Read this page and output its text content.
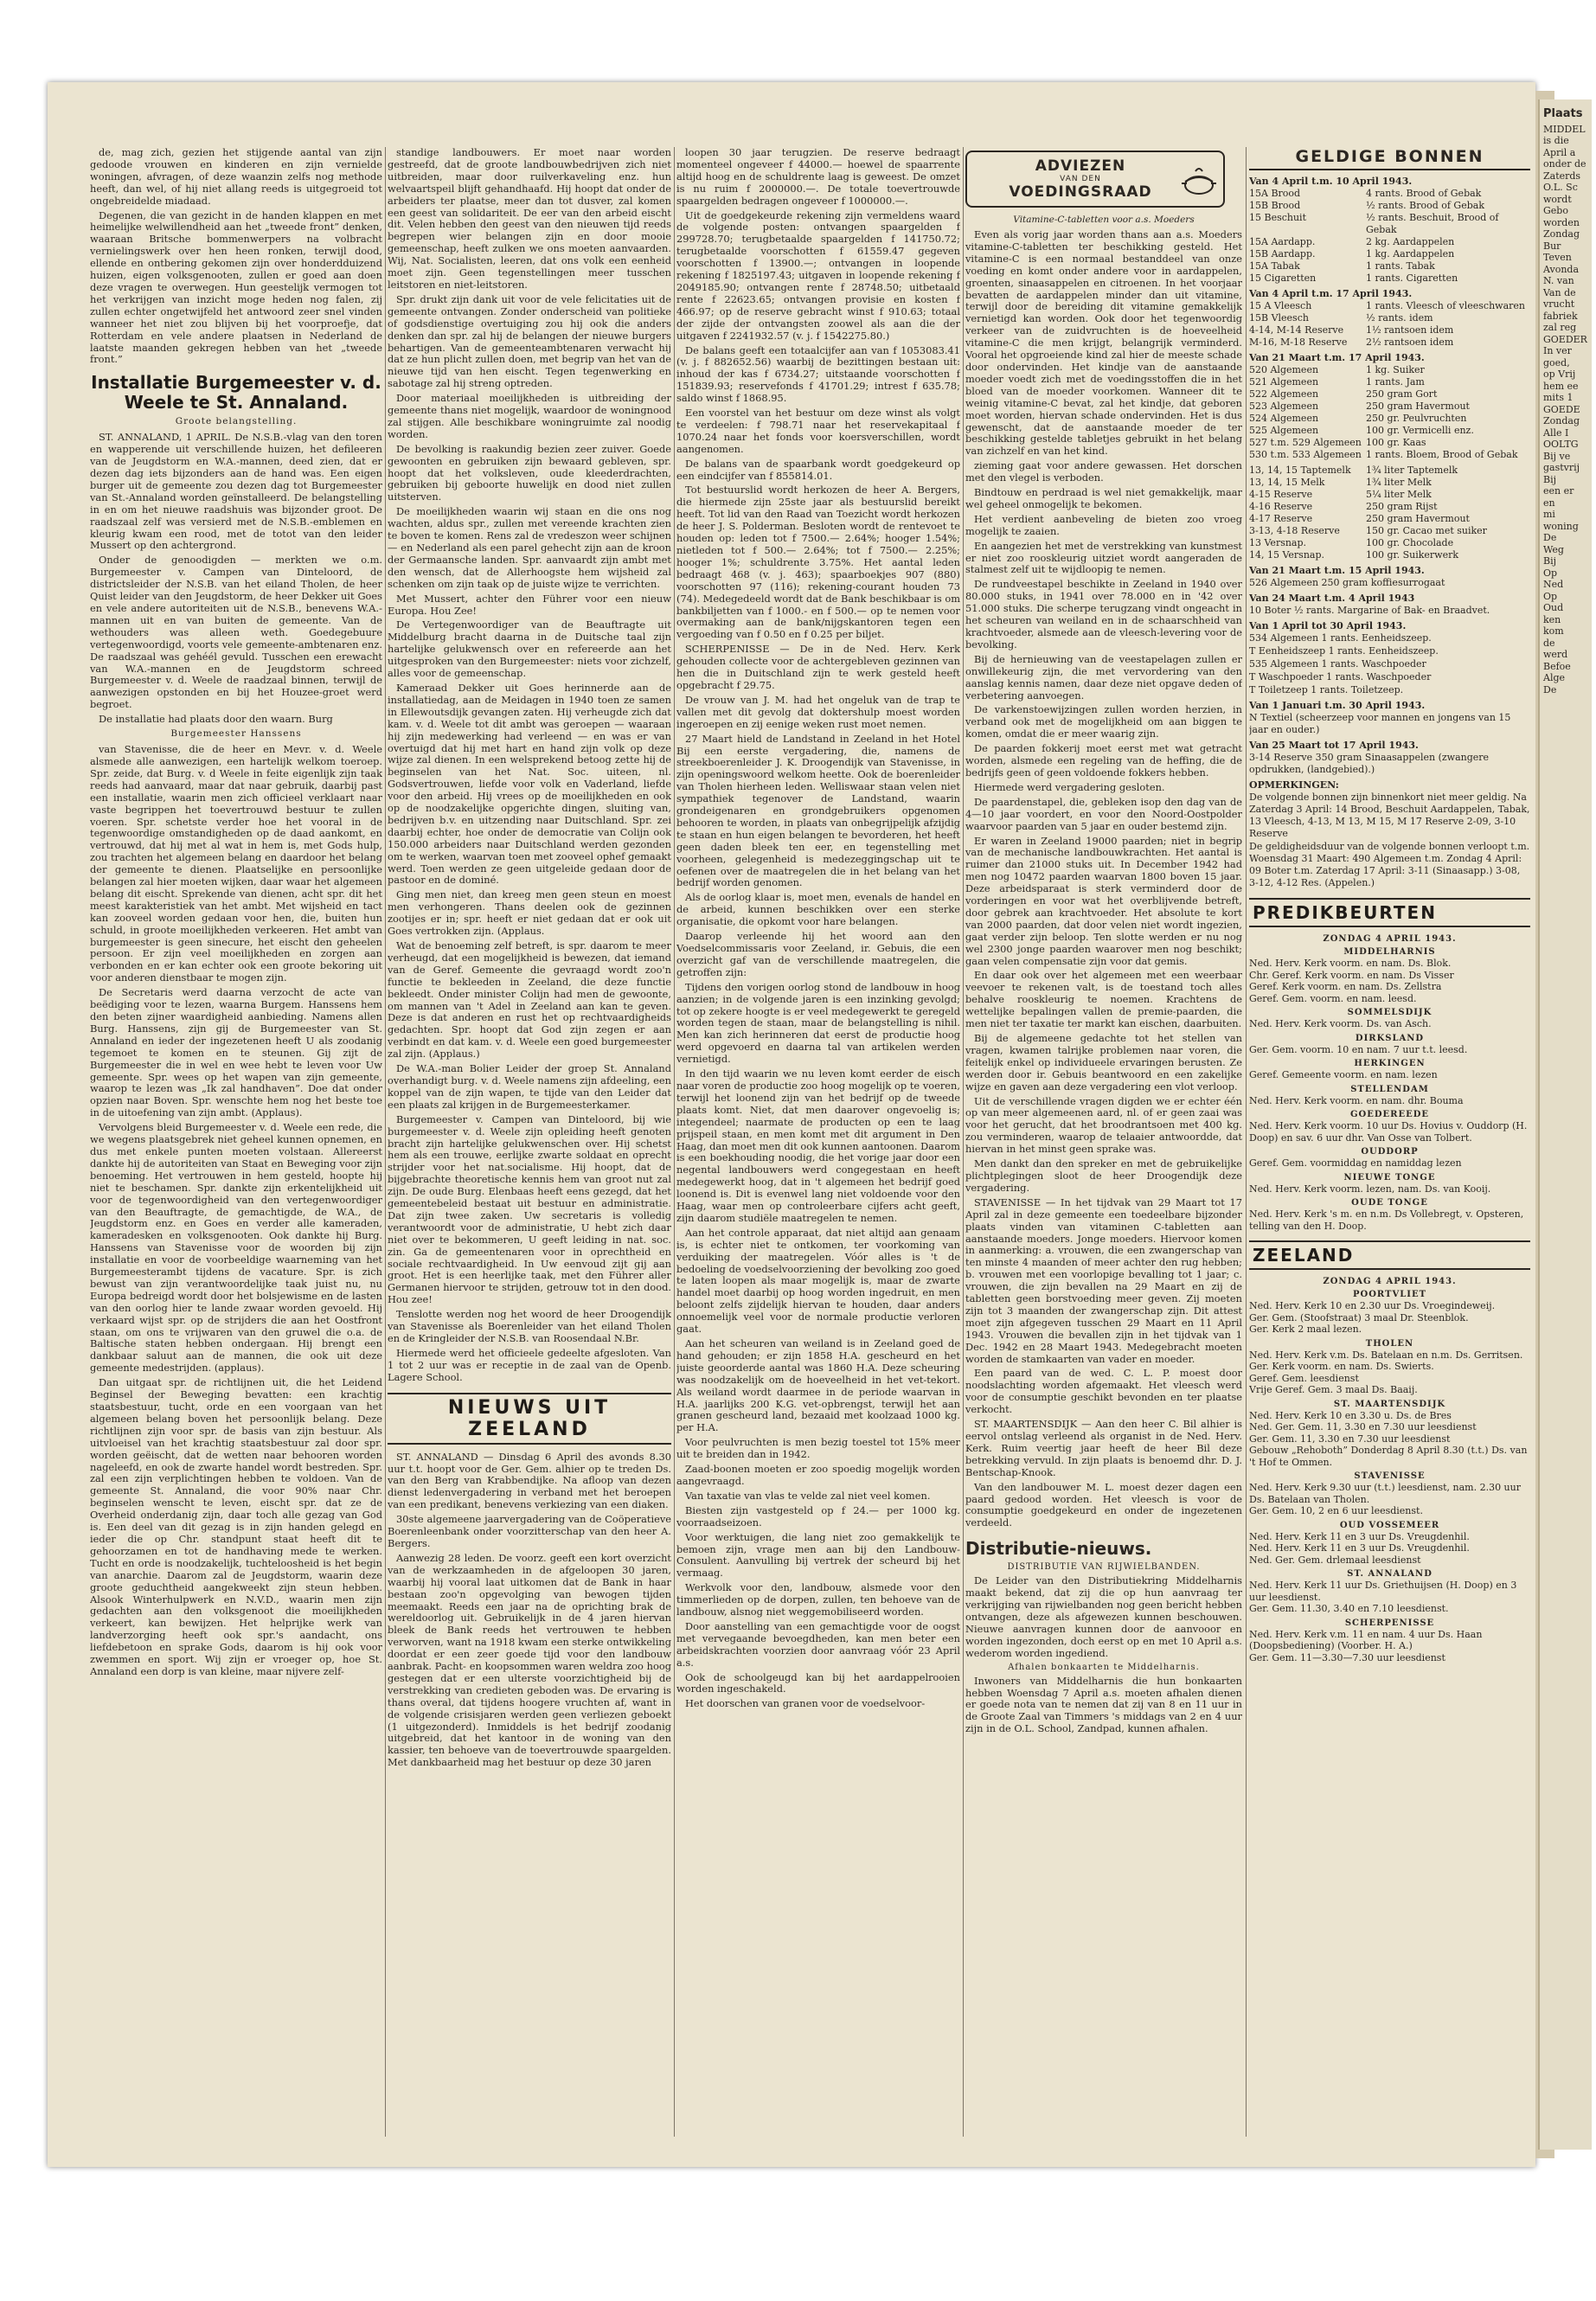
Plaats
MIDDEL
is die
April a
onder de
Zaterds
O.L. Sc
wordt
Gebo
worden
Zondag
Bur
Teven
Avonda
N. van
Van de
vrucht
fabriek
zal reg
GOEDER
In ver
goed,
op Vrij
hem ee
mits 1
GOEDE
Zondag
Alle I
OOLTG
Bij ve
gastvrij
Bij
een er
en
mi
woning
De
Weg
Bij
Op
Ned
Op
Oud
ken
kom
de
werd
Befoe
Alge
De

de, mag zich, gezien het stijgende aantal van zijn gedoode vrouwen en kinderen en zijn vernielde woningen, afvragen, of deze waanzin zelfs nog methode heeft, dan wel, of hij niet allang reeds is uitgegroeid tot ongebreidelde miadaad.

Degenen, die van gezicht in de handen klappen en met heimelijke welwillendheid aan het „tweede front” denken, waaraan Britsche bommenwerpers na volbracht vernielingswerk over hen heen ronken, terwijl dood, ellende en ontbering gekomen zijn over honderdduizend huizen, eigen volksgenooten, zullen er goed aan doen deze vragen te overwegen. Hun geestelijk vermogen tot het verkrijgen van inzicht moge heden nog falen, zij zullen echter ongetwijfeld het antwoord zeer snel vinden wanneer het niet zou blijven bij het voorproefje, dat Rotterdam en vele andere plaatsen in Nederland de laatste maanden gekregen hebben van het „tweede front.”

Installatie Burgemeester v. d. Weele te St. Annaland.
Groote belangstelling.

ST. ANNALAND, 1 APRIL. De N.S.B.-vlag van den toren en wapperende uit verschillende huizen, het defileeren van de Jeugdstorm en W.A.-mannen, deed zien, dat er dezen dag iets bijzonders aan de hand was. Een eigen burger uit de gemeente zou dezen dag tot Burgemeester van St.-Annaland worden geïnstalleerd. De belangstelling in en om het nieuwe raadshuis was bijzonder groot. De raadszaal zelf was versierd met de N.S.B.-emblemen en kleurig kwam een rood, met de totot van den leider Mussert op den achtergrond.

Onder de genoodigden — merkten we o.m. Burgemeester v. Campen van Dinteloord, de districtsleider der N.S.B. van het eiland Tholen, de heer Quist leider van den Jeugdstorm, de heer Dekker uit Goes en vele andere autoriteiten uit de N.S.B., benevens W.A.-mannen uit en van buiten de gemeente. Van de wethouders was alleen weth. Goedegebuure vertegenwoordigd, voorts vele gemeente-ambtenaren enz. De raadszaal was gehéél gevuld. Tusschen een erewacht van W.A.-mannen en de Jeugdstorm schreed Burgemeester v. d. Weele de raadzaal binnen, terwijl de aanwezigen opstonden en bij het Houzee-groet werd begroet.

De installatie had plaats door den waarn. Burg

Burgemeester Hanssens

van Stavenisse, die de heer en Mevr. v. d. Weele alsmede alle aanwezigen, een hartelijk welkom toeroep. Spr. zeide, dat Burg. v. d Weele in feite eigenlijk zijn taak reeds had aanvaard, maar dat naar gebruik, daarbij past een installatie, waarin men zich officieel verklaart naar vaste begrippen het toevertrouwd bestuur te zullen voeren. Spr. schetste verder hoe het vooral in de tegenwoordige omstandigheden op de daad aankomt, en vertrouwd, dat hij met al wat in hem is, met Gods hulp, zou trachten het algemeen belang en daardoor het belang der gemeente te dienen. Plaatselijke en persoonlijke belangen zal hier moeten wijken, daar waar het algemeen belang dit eischt. Sprekende van dienen, acht spr. dit het meest karakteristiek van het ambt. Met wijsheid en tact kan zooveel worden gedaan voor hen, die, buiten hun schuld, in groote moeilijkheden verkeeren. Het ambt van burgemeester is geen sinecure, het eischt den geheelen persoon. Er zijn veel moeilijkheden en zorgen aan verbonden en er kan echter ook een groote bekoring uit voor anderen dienstbaar te mogen zijn.

De Secretaris werd daarna verzocht de acte van beëdiging voor te lezen, waarna Burgem. Hanssens hem den beten zijner waardigheid aanbieding. Namens allen Burg. Hanssens, zijn gij de Burgemeester van St. Annaland en ieder der ingezetenen heeft U als zoodanig tegemoet te komen en te steunen. Gij zijt de Burgemeester die in wel en wee hebt te leven voor Uw gemeente. Spr. wees op het wapen van zijn gemeente, waarop te lezen was „Ik zal handhaven”. Doe dat onder opzien naar Boven. Spr. wenschte hem nog het beste toe in de uitoefening van zijn ambt. (Applaus).

Vervolgens bleid Burgemeester v. d. Weele een rede, die we wegens plaatsgebrek niet geheel kunnen opnemen, en dus met enkele punten moeten volstaan. Allereerst dankte hij de autoriteiten van Staat en Beweging voor zijn benoeming. Het vertrouwen in hem gesteld, hoopte hij niet te beschamen. Spr. dankte zijn erkentelijkheid uit voor de tegenwoordigheid van den vertegenwoordiger van den Beauftragte, de gemachtigde, de W.A., de Jeugdstorm enz. en Goes en verder alle kameraden, kameradesken en volksgenooten. Ook dankte hij Burg. Hanssens van Stavenisse voor de woorden bij zijn installatie en voor de voorbeeldige waarneming van het Burgemeesterambt tijdens de vacature. Spr. is zich bewust van zijn verantwoordelijke taak juist nu, nu Europa bedreigd wordt door het bolsjewisme en de lasten van den oorlog hier te lande zwaar worden gevoeld. Hij verkaard wijst spr. op de strijders die aan het Oostfront staan, om ons te vrijwaren van den gruwel die o.a. de Baltische staten hebben ondergaan. Hij brengt een dankbaar saluut aan de mannen, die ook uit deze gemeente medestrijden. (applaus).

Dan uitgaat spr. de richtlijnen uit, die het Leidend Beginsel der Beweging bevatten: een krachtig staatsbestuur, tucht, orde en een voorgaan van het algemeen belang boven het persoonlijk belang. Deze richtlijnen zijn voor spr. de basis van zijn bestuur. Als uitvloeisel van het krachtig staatsbestuur zal door spr. worden geëischt, dat de wetten naar behooren worden nageleefd, en ook de zwarte handel wordt bestreden. Spr. zal een zijn verplichtingen hebben te voldoen. Van de gemeente St. Annaland, die voor 90% naar Chr. beginselen wenscht te leven, eischt spr. dat ze de Overheid onderdanig zijn, daar toch alle gezag van God is. Een deel van dit gezag is in zijn handen gelegd en ieder die op Chr. standpunt staat heeft dit te gehoorzamen en tot de handhaving mede te werken. Tucht en orde is noodzakelijk, tuchteloosheid is het begin van anarchie. Daarom zal de Jeugdstorm, waarin deze groote geduchtheid aangekweekt zijn steun hebben. Alsook Winterhulpwerk en N.V.D., waarin men zijn gedachten aan den volksgenoot die moeilijkheden verkeert, kan bewijzen. Het helprijke werk van landverzorging heeft ook spr.'s aandacht, ons liefdebetoon en sprake Gods, daarom is hij ook voor zwemmen en sport. Wij zijn er vroeger op, hoe St. Annaland een dorp is van kleine, maar nijvere zelf-

standige landbouwers. Er moet naar worden gestreefd, dat de groote landbouwbedrijven zich niet uitbreiden, maar door ruilverkaveling enz. hun welvaartspeil blijft gehandhaafd. Hij hoopt dat onder de arbeiders ter plaatse, meer dan tot dusver, zal komen een geest van solidariteit. De eer van den arbeid eischt dit. Velen hebben den geest van den nieuwen tijd reeds begrepen wier belangen zijn en door mooie gemeenschap, heeft zulken we ons moeten aanvaarden. Wij, Nat. Socialisten, leeren, dat ons volk een eenheid moet zijn. Geen tegenstellingen meer tusschen leitstoren en niet-leitstoren.

Spr. drukt zijn dank uit voor de vele felicitaties uit de gemeente ontvangen. Zonder onderscheid van politieke of godsdienstige overtuiging zou hij ook die anders denken dan spr. zal hij de belangen der nieuwe burgers behartigen. Van de gemeenteambtenaren verwacht hij dat ze hun plicht zullen doen, met begrip van het van de nieuwe tijd van hen eischt. Tegen tegenwerking en sabotage zal hij streng optreden.

Door materiaal moeilijkheden is uitbreiding der gemeente thans niet mogelijk, waardoor de woningnood zal stijgen. Alle beschikbare woningruimte zal noodig worden.

De bevolking is raakundig bezien zeer zuiver. Goede gewoonten en gebruiken zijn bewaard gebleven, spr. hoopt dat het volksleven, oude kleederdrachten, gebruiken bij geboorte huwelijk en dood niet zullen uitsterven.

De moeilijkheden waarin wij staan en die ons nog wachten, aldus spr., zullen met vereende krachten zien te boven te komen. Rens zal de vredeszon weer schijnen — en Nederland als een parel gehecht zijn aan de kroon der Germaansche landen. Spr. aanvaardt zijn ambt met den wensch, dat de Allerhoogste hem wijsheid zal schenken om zijn taak op de juiste wijze te verrichten.

Met Mussert, achter den Führer voor een nieuw Europa. Hou Zee!

De Vertegenwoordiger van de Beauftragte uit Middelburg bracht daarna in de Duitsche taal zijn hartelijke gelukwensch over en refereerde aan het uitgesproken van den Burgemeester: niets voor zichzelf, alles voor de gemeenschap.

Kameraad Dekker uit Goes herinnerde aan de installatiedag, aan de Meidagen in 1940 toen ze samen in Ellewoutsdijk gevangen zaten. Hij verheugde zich dat kam. v. d. Weele tot dit ambt was geroepen — waaraan hij zijn medewerking had verleend — en was er van overtuigd dat hij met hart en hand zijn volk op deze wijze zal dienen. In een welsprekend betoog zette hij de beginselen van het Nat. Soc. uiteen, nl. Godsvertrouwen, liefde voor volk en Vaderland, liefde voor den arbeid. Hij vrees op de moeilijkheden en ook op de noodzakelijke opgerichte dingen, sluiting van, bedrijven b.v. en uitzending naar Duitschland. Spr. zei daarbij echter, hoe onder de democratie van Colijn ook 150.000 arbeiders naar Duitschland werden gezonden om te werken, waarvan toen met zooveel ophef gemaakt werd. Toen werden ze geen uitgeleide gedaan door de pastoor en de dominé.

Ging men niet, dan kreeg men geen steun en moest men verhongeren. Thans deelen ook de gezinnen zootijes er in; spr. heeft er niet gedaan dat er ook uit Goes vertrokken zijn. (Applaus.

Wat de benoeming zelf betreft, is spr. daarom te meer verheugd, dat een mogelijkheid is bewezen, dat iemand van de Geref. Gemeente die gevraagd wordt zoo'n functie te bekleeden in Zeeland, die deze functie bekleedt. Onder minister Colijn had men de gewoonte, om mannen van 't Adel in Zeeland aan kan te geven. Deze is dat anderen en rust het op rechtvaardigheids gedachten. Spr. hoopt dat God zijn zegen er aan verbindt en dat kam. v. d. Weele een goed burgemeester zal zijn. (Applaus.)

De W.A.-man Bolier Leider der groep St. Annaland overhandigt burg. v. d. Weele namens zijn afdeeling, een koppel van de zijn wapen, te tijde van den Leider dat een plaats zal krijgen in de Burgemeesterkamer.

Burgemeester v. Campen van Dinteloord, bij wie burgemeester v. d. Weele zijn opleiding heeft genoten bracht zijn hartelijke gelukwenschen over. Hij schetst hem als een trouwe, eerlijke zwarte soldaat en oprecht strijder voor het nat.socialisme. Hij hoopt, dat de bijgebrachte theoretische kennis hem van groot nut zal zijn. De oude Burg. Elenbaas heeft eens gezegd, dat het gemeentebeleid bestaat uit bestuur en administratie. Dat zijn twee zaken. Uw secretaris is volledig verantwoordt voor de administratie, U hebt zich daar niet over te bekommeren, U geeft leiding in nat. soc. zin. Ga de gemeentenaren voor in oprechtheid en sociale rechtvaardigheid. In Uw eenvoud zijt gij aan groot. Het is een heerlijke taak, met den Führer aller Germanen hiervoor te strijden, getrouw tot in den dood. Hou zee!

Tenslotte werden nog het woord de heer Droogendijk van Stavenisse als Boerenleider van het eiland Tholen en de Kringleider der N.S.B. van Roosendaal N.Br.

Hiermede werd het officieele gedeelte afgesloten. Van 1 tot 2 uur was er receptie in de zaal van de Openb. Lagere School.

NIEUWS UIT ZEELAND

ST. ANNALAND — Dinsdag 6 April des avonds 8.30 uur t.t. hoopt voor de Ger. Gem. alhier op te treden Ds. van den Berg van Krabbendijke. Na afloop van dezen dienst ledenvergadering in verband met het beroepen van een predikant, benevens verkiezing van een diaken.

30ste algemeene jaarvergadering van de Coöperatieve Boerenleenbank onder voorzitterschap van den heer A. Bergers.

Aanwezig 28 leden. De voorz. geeft een kort overzicht van de werkzaamheden in de afgeloopen 30 jaren, waarbij hij vooral laat uitkomen dat de Bank in haar bestaan zoo'n opgevolging van bewogen tijden meemaakt. Reeds een jaar na de oprichting brak de wereldoorlog uit. Gebruikelijk in de 4 jaren hiervan bleek de Bank reeds het vertrouwen te hebben verworven, want na 1918 kwam een sterke ontwikkeling doordat er een zeer goede tijd voor den landbouw aanbrak. Pacht- en koopsommen waren weldra zoo hoog gestegen dat er een ulterste voorzichtigheid bij de verstrekking van credieten geboden was. De ervaring is thans overal, dat tijdens hoogere vruchten af, want in de volgende crisisjaren werden geen verliezen geboekt (1 uitgezonderd). Inmiddels is het bedrijf zoodanig uitgebreid, dat het kantoor in de woning van den kassier, ten behoeve van de toevertrouwde spaargelden. Met dankbaarheid mag het bestuur op deze 30 jaren

loopen 30 jaar terugzien. De reserve bedraagt momenteel ongeveer f 44000.— hoewel de spaarrente altijd hoog en de schuldrente laag is geweest. De omzet is nu ruim f 2000000.—. De totale toevertrouwde spaargelden bedragen ongeveer f 1000000.—.

Uit de goedgekeurde rekening zijn vermeldens waard de volgende posten: ontvangen spaargelden f 299728.70; terugbetaalde spaargelden f 141750.72; terugbetaalde voorschotten f 61559.47 gegeven voorschotten f 13900.—; ontvangen in loopende rekening f 1825197.43; uitgaven in loopende rekening f 2049185.90; ontvangen rente f 28748.50; uitbetaald rente f 22623.65; ontvangen provisie en kosten f 466.97; op de reserve gebracht winst f 910.63; totaal der zijde der ontvangsten zoowel als aan die der uitgaven f 2241932.57 (v. j. f 1542275.80.)

De balans geeft een totaalcijfer aan van f 1053083.41 (v. j. f 882652.56) waarbij de bezittingen bestaan uit: inhoud der kas f 6734.27; uitstaande voorschotten f 151839.93; reservefonds f 41701.29; intrest f 635.78; saldo winst f 1868.95.

Een voorstel van het bestuur om deze winst als volgt te verdeelen: f 798.71 naar het reservekapitaal f 1070.24 naar het fonds voor koersverschillen, wordt aangenomen.

De balans van de spaarbank wordt goedgekeurd op een eindcijfer van f 855814.01.

Tot bestuurslid wordt herkozen de heer A. Bergers, die hiermede zijn 25ste jaar als bestuurslid bereikt heeft. Tot lid van den Raad van Toezicht wordt herkozen de heer J. S. Polderman. Besloten wordt de rentevoet te houden op: leden tot f 7500.— 2.64%; hooger 1.54%; nietleden tot f 500.— 2.64%; tot f 7500.— 2.25%; hooger 1%; schuldrente 3.75%. Het aantal leden bedraagt 468 (v. j. 463); spaarboekjes 907 (880) voorschotten 97 (116); rekening-courant houden 73 (74). Medegedeeld wordt dat de Bank beschikbaar is om bankbiljetten van f 1000.- en f 500.— op te nemen voor overmaking aan de bank/nijgskantoren tegen een vergoeding van f 0.50 en f 0.25 per biljet.

SCHERPENISSE — De in de Ned. Herv. Kerk gehouden collecte voor de achtergebleven gezinnen van hen die in Duitschland zijn te werk gesteld heeft opgebracht f 29.75.

De vrouw van J. M. had het ongeluk van de trap te vallen met dit gevolg dat doktershulp moest worden ingeroepen en zij eenige weken rust moet nemen.

27 Maart hield de Landstand in Zeeland in het Hotel Bij een eerste vergadering, die, namens de streekboerenleider J. K. Droogendijk van Stavenisse, in zijn openingswoord welkom heette. Ook de boerenleider van Tholen hierheen leden. Welliswaar staan velen niet sympathiek tegenover de Landstand, waarin grondeigenaren en grondgebruikers opgenomen behooren te worden, in plaats van onbegrijpelijk afzijdig te staan en hun eigen belangen te bevorderen, het heeft geen daden bleek ten eer, en tegenstelling met voorheen, gelegenheid is medezeggingschap uit te oefenen over de maatregelen die in het belang van het bedrijf worden genomen.

Als de oorlog klaar is, moet men, evenals de handel en de arbeid, kunnen beschikken over een sterke organisatie, die opkomt voor hare belangen.

Daarop verleende hij het woord aan den Voedselcommissaris voor Zeeland, ir. Gebuis, die een overzicht gaf van de verschillende maatregelen, die getroffen zijn:

Tijdens den vorigen oorlog stond de landbouw in hoog aanzien; in de volgende jaren is een inzinking gevolgd; tot op zekere hoogte is er veel medegewerkt te geregeld worden tegen de staan, maar de belangstelling is nihil. Men kan zich herinneren dat eerst de productie hoog werd opgevoerd en daarna tal van artikelen werden vernietigd.

In den tijd waarin we nu leven komt eerder de eisch naar voren de productie zoo hoog mogelijk op te voeren, terwijl het loonend zijn van het bedrijf op de tweede plaats komt. Niet, dat men daarover ongevoelig is; integendeel; naarmate de producten op een te laag prijspeil staan, en men komt met dit argument in Den Haag, dan moet men dit ook kunnen aantoonen. Daarom is een boekhouding noodig, die het vorige jaar door een negental landbouwers werd congegestaan en heeft medegewerkt hoog, dat in 't algemeen het bedrijf goed loonend is. Dit is evenwel lang niet voldoende voor den Haag, waar men op controleerbare cijfers acht geeft, zijn daarom studiële maatregelen te nemen.

Aan het controle apparaat, dat niet altijd aan genaam is, is echter niet te ontkomen, ter voorkoming van verduiking der maatregelen. Vóór alles is 't de bedoeling de voedselvoorziening der bevolking zoo goed te laten loopen als maar mogelijk is, maar de zwarte handel moet daarbij op hoog worden ingedruit, en men beloont zelfs zijdelijk hiervan te houden, daar anders onnoemelijk veel voor de normale productie verloren gaat.

Aan het scheuren van weiland is in Zeeland goed de hand gehouden; er zijn 1858 H.A. gescheurd en het juiste geoorderde aantal was 1860 H.A. Deze scheuring was noodzakelijk om de hoeveelheid in het vet-tekort. Als weiland wordt daarmee in de periode waarvan in H.A. jaarlijks 200 K.G. vet-opbrengst, terwijl het aan granen gescheurd land, bezaaid met koolzaad 1000 kg. per H.A.

Voor peulvruchten is men bezig toestel tot 15% meer uit te breiden dan in 1942.

Zaad-boonen moeten er zoo spoedig mogelijk worden aangevraagd.

Van taxatie van vlas te velde zal niet veel komen.

Biesten zijn vastgesteld op f 24.— per 1000 kg. voorraadseizoen.

Voor werktuigen, die lang niet zoo gemakkelijk te bemoen zijn, vrage men aan bij den Landbouw-Consulent. Aanvulling bij vertrek der scheurd bij het vermaag.

Werkvolk voor den, landbouw, alsmede voor den timmerlieden op de dorpen, zullen, ten behoeve van de landbouw, alsnog niet weggemobiliseerd worden.

Door aanstelling van een gemachtigde voor de oogst met vervegaande bevoegdheden, kan men beter een arbeidskrachten voorzien door aanvraag vóór 23 April a.s.

Ook de schoolgeugd kan bij het aardappelrooien worden ingeschakeld.

Het doorschen van granen voor de voedselvoor-

ADVIEZEN
VAN DEN
VOEDINGSRAAD
Vitamine-C-tabletten voor a.s. Moeders

Even als vorig jaar worden thans aan a.s. Moeders vitamine-C-tabletten ter beschikking gesteld. Het vitamine-C is een normaal bestanddeel van onze voeding en komt onder andere voor in aardappelen, groenten, sinaasappelen en citroenen. In het voorjaar bevatten de aardappelen minder dan uit vitamine, terwijl door de bereiding dit vitamine gemakkelijk vernietigd kan worden. Ook door het tegenwoordig verkeer van de zuidvruchten is de hoeveelheid vitamine-C die men krijgt, belangrijk verminderd. Vooral het opgroeiende kind zal hier de meeste schade door ondervinden. Het kindje van de aanstaande moeder voedt zich met de voedingsstoffen die in het bloed van de moeder voorkomen. Wanneer dit te weinig vitamine-C bevat, zal het kindje, dat geboren moet worden, hiervan schade ondervinden. Het is dus gewenscht, dat de aanstaande moeder de ter beschikking gestelde tabletjes gebruikt in het belang van zichzelf en van het kind.

zieming gaat voor andere gewassen. Het dorschen met den vlegel is verboden.

Bindtouw en perdraad is wel niet gemakkelijk, maar wel geheel onmogelijk te bekomen.

Het verdient aanbeveling de bieten zoo vroeg mogelijk te zaaien.

En aangezien het met de verstrekking van kunstmest er niet zoo rooskleurig uitziet wordt aangeraden de stalmest zelf uit te wijdloopig te nemen.

De rundveestapel beschikte in Zeeland in 1940 over 80.000 stuks, in 1941 over 78.000 en in '42 over 51.000 stuks. Die scherpe terugzang vindt ongeacht in het scheuren van weiland en in de schaarschheid van krachtvoeder, alsmede aan de vleesch-levering voor de bevolking.

Bij de hernieuwing van de veestapelagen zullen er onwillekeurig zijn, die met vervordering van den aanslag kennis namen, daar deze niet opgave deden of verbetering aanvoegen.

De varkenstoewijzingen zullen worden herzien, in verband ook met de mogelijkheid om aan biggen te komen, omdat die er meer waarig zijn.

De paarden fokkerij moet eerst met wat getracht worden, alsmede een regeling van de heffing, die de bedrijfs geen of geen voldoende fokkers hebben.

Hiermede werd vergadering gesloten.

De paardenstapel, die, gebleken isop den dag van de 4—10 jaar voordert, en voor den Noord-Oostpolder waarvoor paarden van 5 jaar en ouder bestemd zijn.

Er waren in Zeeland 19000 paarden; niet in begrip van de mechanische landbouwkrachten. Het aantal is ruimer dan 21000 stuks uit. In December 1942 had men nog 10472 paarden waarvan 1800 boven 15 jaar. Deze arbeidsparaat is sterk verminderd door de vorderingen en voor wat het overblijvende betreft, door gebrek aan krachtvoeder. Het absolute te kort van 2000 paarden, dat door velen niet wordt ingezien, gaat verder zijn beloop. Ten slotte werden er nu nog wel 2300 jonge paarden waarover men nog beschikt; gaan velen compensatie zijn voor dat gemis.

En daar ook over het algemeen met een weerbaar veevoer te rekenen valt, is de toestand toch alles behalve rooskleurig te noemen. Krachtens de wettelijke bepalingen vallen de premie-paarden, die men niet ter taxatie ter markt kan eischen, daarbuiten.

Bij de algemeene gedachte tot het stellen van vragen, kwamen talrijke problemen naar voren, die feitelijk enkel op individueele ervaringen berusten. Ze werden door ir. Gebuis beantwoord en een zakelijke wijze en gaven aan deze vergadering een vlot verloop.

Uit de verschillende vragen digden we er echter één op van meer algemeenen aard, nl. of er geen zaai was voor het gerucht, dat het broodrantsoen met 400 kg. zou verminderen, waarop de telaaier antwoordde, dat hiervan in het minst geen sprake was.

Men dankt dan den spreker en met de gebruikelijke plichtplegingen sloot de heer Droogendijk deze vergadering.

STAVENISSE — In het tijdvak van 29 Maart tot 17 April zal in deze gemeente een toedeelbare bijzonder plaats vinden van vitaminen C-tabletten aan aanstaande moeders. Jonge moeders. Hiervoor komen in aanmerking: a. vrouwen, die een zwangerschap van ten minste 4 maanden of meer achter den rug hebben; b. vrouwen met een voorlopige bevalling tot 1 jaar; c. vrouwen, die zijn bevallen na 29 Maart en zij de tabletten geen borstvoeding meer geven. Zij moeten zijn tot 3 maanden der zwangerschap zijn. Dit attest moet zijn afgegeven tusschen 29 Maart en 11 April 1943. Vrouwen die bevallen zijn in het tijdvak van 1 Dec. 1942 en 28 Maart 1943. Medegebracht moeten worden de stamkaarten van vader en moeder.

Een paard van de wed. C. L. P. moest door noodslachting worden afgemaakt. Het vleesch werd voor de consumptie geschikt bevonden en ter plaatse verkocht.

ST. MAARTENSDIJK — Aan den heer C. Bil alhier is eervol ontslag verleend als organist in de Ned. Herv. Kerk. Ruim veertig jaar heeft de heer Bil deze betrekking vervuld. In zijn plaats is benoemd dhr. D. J. Bentschap-Knook.

Van den landbouwer M. L. moest dezer dagen een paard gedood worden. Het vleesch is voor de consumptie goedgekeurd en onder de ingezetenen verdeeld.

Distributie-nieuws.
DISTRIBUTIE VAN RIJWIELBANDEN.

De Leider van den Distributiekring Middelharnis maakt bekend, dat zij die op hun aanvraag ter verkrijging van rijwielbanden nog geen bericht hebben ontvangen, deze als afgewezen kunnen beschouwen. Nieuwe aanvragen kunnen door de aanvooor en worden ingezonden, doch eerst op en met 10 April a.s. wederom worden ingediend.

Afhalen bonkaarten te Middelharnis.

Inwoners van Middelharnis die hun bonkaarten hebben Woensdag 7 April a.s. moeten afhalen dienen er goede nota van te nemen dat zij van 8 en 11 uur in de Groote Zaal van Timmers 's middags van 2 en 4 uur zijn in de O.L. School, Zandpad, kunnen afhalen.

GELDIGE BONNEN
Van 4 April t.m. 10 April 1943.
15A Brood	4 rants. Brood of Gebak
15B Brood	½ rants. Brood of Gebak
15 Beschuit	½ rants. Beschuit, Brood of Gebak
15A Aardapp.	2 kg. Aardappelen
15B Aardapp.	1 kg. Aardappelen
15A Tabak	1 rants. Tabak
15 Cigaretten	1 rants. Cigaretten
Van 4 April t.m. 17 April 1943.
15 A Vleesch	1 rants. Vleesch of vleeschwaren
15B Vleesch	½ rants. idem
4-14, M-14 Reserve	1½ rantsoen idem
M-16, M-18 Reserve	2½ rantsoen idem
Van 21 Maart t.m. 17 April 1943.
520 Algemeen	1 kg. Suiker
521 Algemeen	1 rants. Jam
522 Algemeen	250 gram Gort
523 Algemeen	250 gram Havermout
524 Algemeen	250 gr. Peulvruchten
525 Algemeen	100 gr. Vermicelli enz.
527 t.m. 529 Algemeen 100 gr. Kaas
530 t.m. 533 Algemeen 1 rants. Bloem, Brood of Gebak
13, 14, 15 Taptemelk	1¾ liter Taptemelk
13, 14, 15 Melk	1¾ liter Melk
4-15 Reserve	5¼ liter Melk
4-16 Reserve	250 gram Rijst
4-17 Reserve	250 gram Havermout
3-13, 4-18 Reserve	150 gr. Cacao met suiker
13 Versnap.	100 gr. Chocolade
14, 15 Versnap.	100 gr. Suikerwerk
Van 21 Maart t.m. 15 April 1943.
526 Algemeen 250 gram koffiesurrogaat
Van 24 Maart t.m. 4 April 1943
10 Boter ½ rants. Margarine of Bak- en Braadvet.
Van 1 April tot 30 April 1943.
534 Algemeen 1 rants. Eenheidszeep.
T Eenheidszeep 1 rants. Eenheidszeep.
535 Algemeen 1 rants. Waschpoeder
T Waschpoeder 1 rants. Waschpoeder
T Toiletzeep 1 rants. Toiletzeep.
Van 1 Januari t.m. 30 April 1943.
N Textiel (scheerzeep voor mannen en jongens van 15 jaar en ouder.)
Van 25 Maart tot 17 April 1943.
3-14 Reserve 350 gram Sinaasappelen (zwangere opdrukken, (landgebied).)
OPMERKINGEN:
De volgende bonnen zijn binnenkort niet meer geldig. Na Zaterdag 3 April: 14 Brood, Beschuit Aardappelen, Tabak, 13 Vleesch, 4-13, M 13, M 15, M 17 Reserve 2-09, 3-10 Reserve
De geldigheidsduur van de volgende bonnen verloopt t.m. Woensdag 31 Maart: 490 Algemeen t.m. Zondag 4 April: 09 Boter t.m. Zaterdag 17 April: 3-11 (Sinaasapp.) 3-08, 3-12, 4-12 Res. (Appelen.)
PREDIKBEURTEN
ZONDAG 4 APRIL 1943.
MIDDELHARNIS
Ned. Herv. Kerk voorm. en nam. Ds. Blok.
Chr. Geref. Kerk voorm. en nam. Ds Visser
Geref. Kerk voorm. en nam. Ds. Zellstra
Geref. Gem. voorm. en nam. leesd.
SOMMELSDIJK
Ned. Herv. Kerk voorm. Ds. van Asch.
DIRKSLAND
Ger. Gem. voorm. 10 en nam. 7 uur t.t. leesd.
HERKINGEN
Geref. Gemeente voorm. en nam. lezen
STELLENDAM
Ned. Herv. Kerk voorm. en nam. dhr. Bouma
GOEDEREEDE
Ned. Herv. Kerk voorm. 10 uur Ds. Hovius v. Ouddorp (H. Doop) en sav. 6 uur dhr. Van Osse van Tolbert.
OUDDORP
Geref. Gem. voormiddag en namiddag lezen
NIEUWE TONGE
Ned. Herv. Kerk voorm. lezen, nam. Ds. van Kooij.
OUDE TONGE
Ned. Herv. Kerk 's m. en n.m. Ds Vollebregt, v. Opsteren, telling van den H. Doop.
ZEELAND
ZONDAG 4 APRIL 1943.
POORTVLIET
Ned. Herv. Kerk 10 en 2.30 uur Ds. Vroegindeweij.
Ger. Gem. (Stoofstraat) 3 maal Dr. Steenblok.
Ger. Kerk 2 maal lezen.
THOLEN
Ned. Herv. Kerk v.m. Ds. Batelaan en n.m. Ds. Gerritsen.
Ger. Kerk voorm. en nam. Ds. Swierts.
Geref. Gem. leesdienst
Vrije Geref. Gem. 3 maal Ds. Baaij.
ST. MAARTENSDIJK
Ned. Herv. Kerk 10 en 3.30 u. Ds. de Bres
Ned. Ger. Gem. 11, 3.30 en 7.30 uur leesdienst
Ger. Gem. 11, 3.30 en 7.30 uur leesdienst
Gebouw „Rehoboth” Donderdag 8 April 8.30 (t.t.) Ds. van 't Hof te Ommen.
STAVENISSE
Ned. Herv. Kerk 9.30 uur (t.t.) leesdienst, nam. 2.30 uur Ds. Batelaan van Tholen.
Ger. Gem. 10, 2 en 6 uur leesdienst.
OUD VOSSEMEER
Ned. Herv. Kerk 11 en 3 uur Ds. Vreugdenhil.
Ned. Herv. Kerk 11 en 3 uur Ds. Vreugdenhil.
Ned. Ger. Gem. drlemaal leesdienst
ST. ANNALAND
Ned. Herv. Kerk 11 uur Ds. Griethuijsen (H. Doop) en 3 uur leesdienst.
Ger. Gem. 11.30, 3.40 en 7.10 leesdienst.
SCHERPENISSE
Ned. Herv. Kerk v.m. 11 en nam. 4 uur Ds. Haan (Doopsbediening) (Voorber. H. A.)
Ger. Gem. 11—3.30—7.30 uur leesdienst
